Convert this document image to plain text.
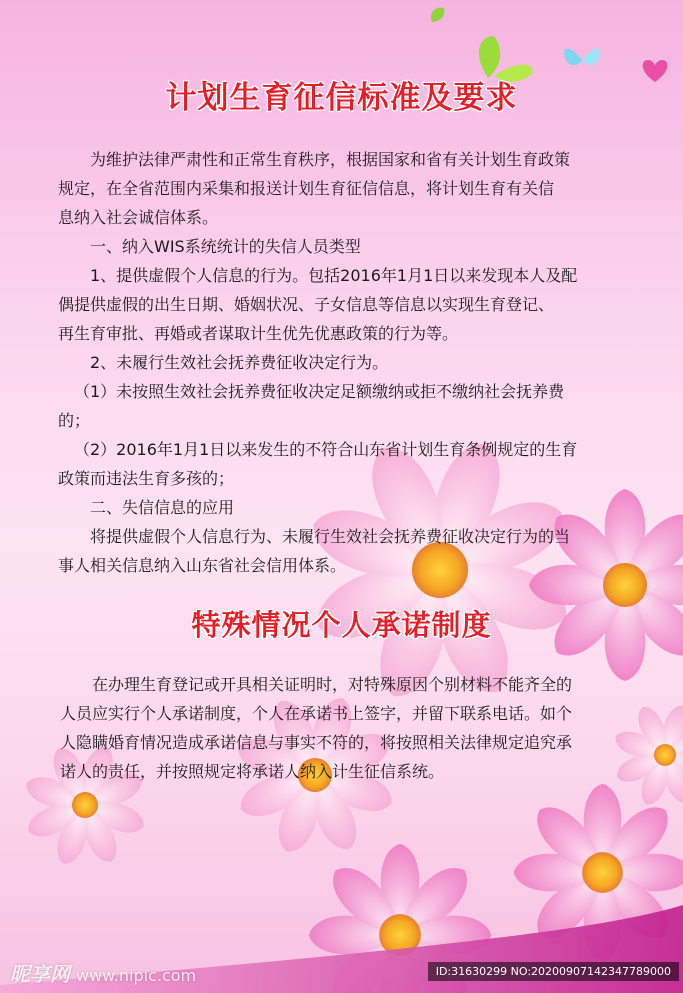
计划生育征信标准及要求

为维护法律严肃性和正常生育秩序，根据国家和省有关计划生育政策

规定，在全省范围内采集和报送计划生育征信信息，将计划生育有关信

息纳入社会诚信体系。

一、纳入WIS系统统计的失信人员类型

1、提供虚假个人信息的行为。包括2016年1月1日以来发现本人及配

偶提供虚假的出生日期、婚姻状况、子女信息等信息以实现生育登记、

再生育审批、再婚或者谋取计生优先优惠政策的行为等。

2、未履行生效社会抚养费征收决定行为。

（1）未按照生效社会抚养费征收决定足额缴纳或拒不缴纳社会抚养费

的；

（2）2016年1月1日以来发生的不符合山东省计划生育条例规定的生育

政策而违法生育多孩的；

二、失信信息的应用

将提供虚假个人信息行为、未履行生效社会抚养费征收决定行为的当

事人相关信息纳入山东省社会信用体系。

特殊情况个人承诺制度

在办理生育登记或开具相关证明时，对特殊原因个别材料不能齐全的

人员应实行个人承诺制度，个人在承诺书上签字，并留下联系电话。如个

人隐瞒婚育情况造成承诺信息与事实不符的，将按照相关法律规定追究承

诺人的责任，并按照规定将承诺人纳入计生征信系统。

昵享网 www.nipic.com	ID:31630299 NO:20200907142347789000
